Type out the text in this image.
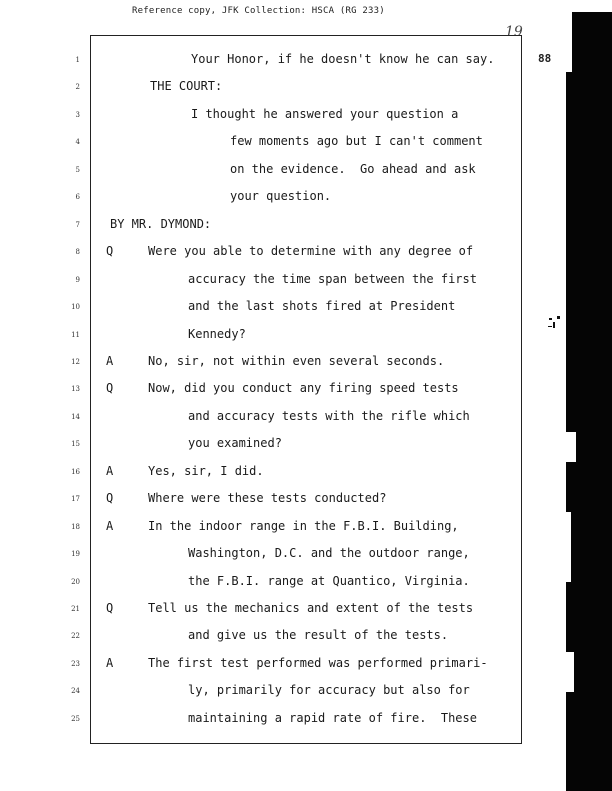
Reference copy, JFK Collection: HSCA (RG 233)
19
88
1	Your Honor, if he doesn't know he can say.
2	THE COURT:
3	I thought he answered your question a
4	few moments ago but I can't comment
5	on the evidence.  Go ahead and ask
6	your question.
7	BY MR. DYMOND:
8 Q	Were you able to determine with any degree of
9	accuracy the time span between the first
10	and the last shots fired at President
11	Kennedy?
12 A	No, sir, not within even several seconds.
13 Q	Now, did you conduct any firing speed tests
14	and accuracy tests with the rifle which
15	you examined?
16 A	Yes, sir, I did.
17 Q	Where were these tests conducted?
18 A	In the indoor range in the F.B.I. Building,
19	Washington, D.C. and the outdoor range,
20	the F.B.I. range at Quantico, Virginia.
21 Q	Tell us the mechanics and extent of the tests
22	and give us the result of the tests.
23 A	The first test performed was performed primari-
24	ly, primarily for accuracy but also for
25	maintaining a rapid rate of fire.  These
